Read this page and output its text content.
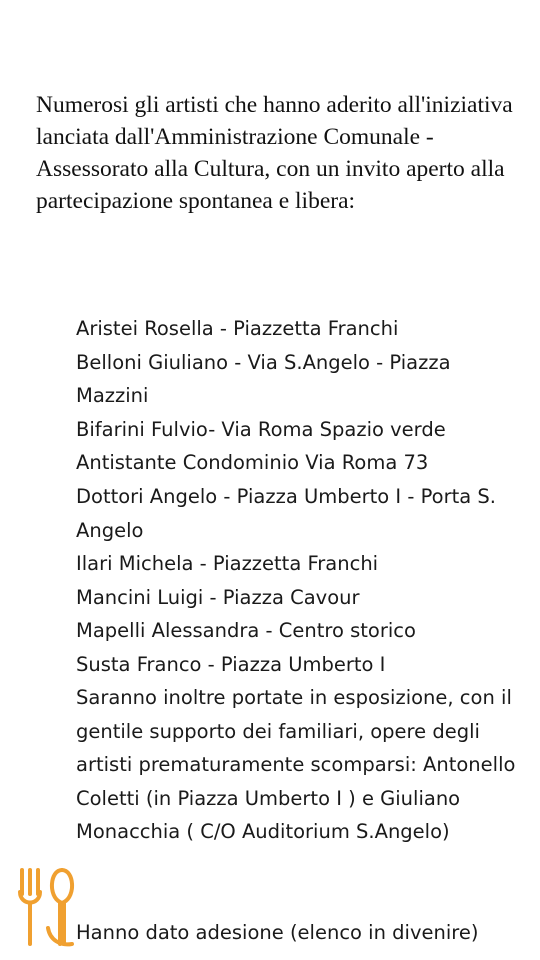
Numerosi gli artisti che hanno aderito all'iniziativa lanciata dall'Amministrazione Comunale -Assessorato alla Cultura, con un invito aperto alla partecipazione spontanea e libera:

Aristei Rosella - Piazzetta Franchi
Belloni Giuliano - Via S.Angelo - Piazza Mazzini
Bifarini Fulvio- Via Roma Spazio verde Antistante Condominio Via Roma 73
Dottori Angelo - Piazza Umberto I - Porta S. Angelo
Ilari Michela - Piazzetta Franchi
Mancini Luigi - Piazza Cavour
Mapelli Alessandra - Centro storico
Susta Franco - Piazza Umberto I

Saranno inoltre portate in esposizione, con il gentile supporto dei familiari, opere degli artisti prematuramente scomparsi: Antonello Coletti (in Piazza Umberto I ) e Giuliano Monacchia ( C/O Auditorium S.Angelo)

Hanno dato adesione (elenco in divenire)
